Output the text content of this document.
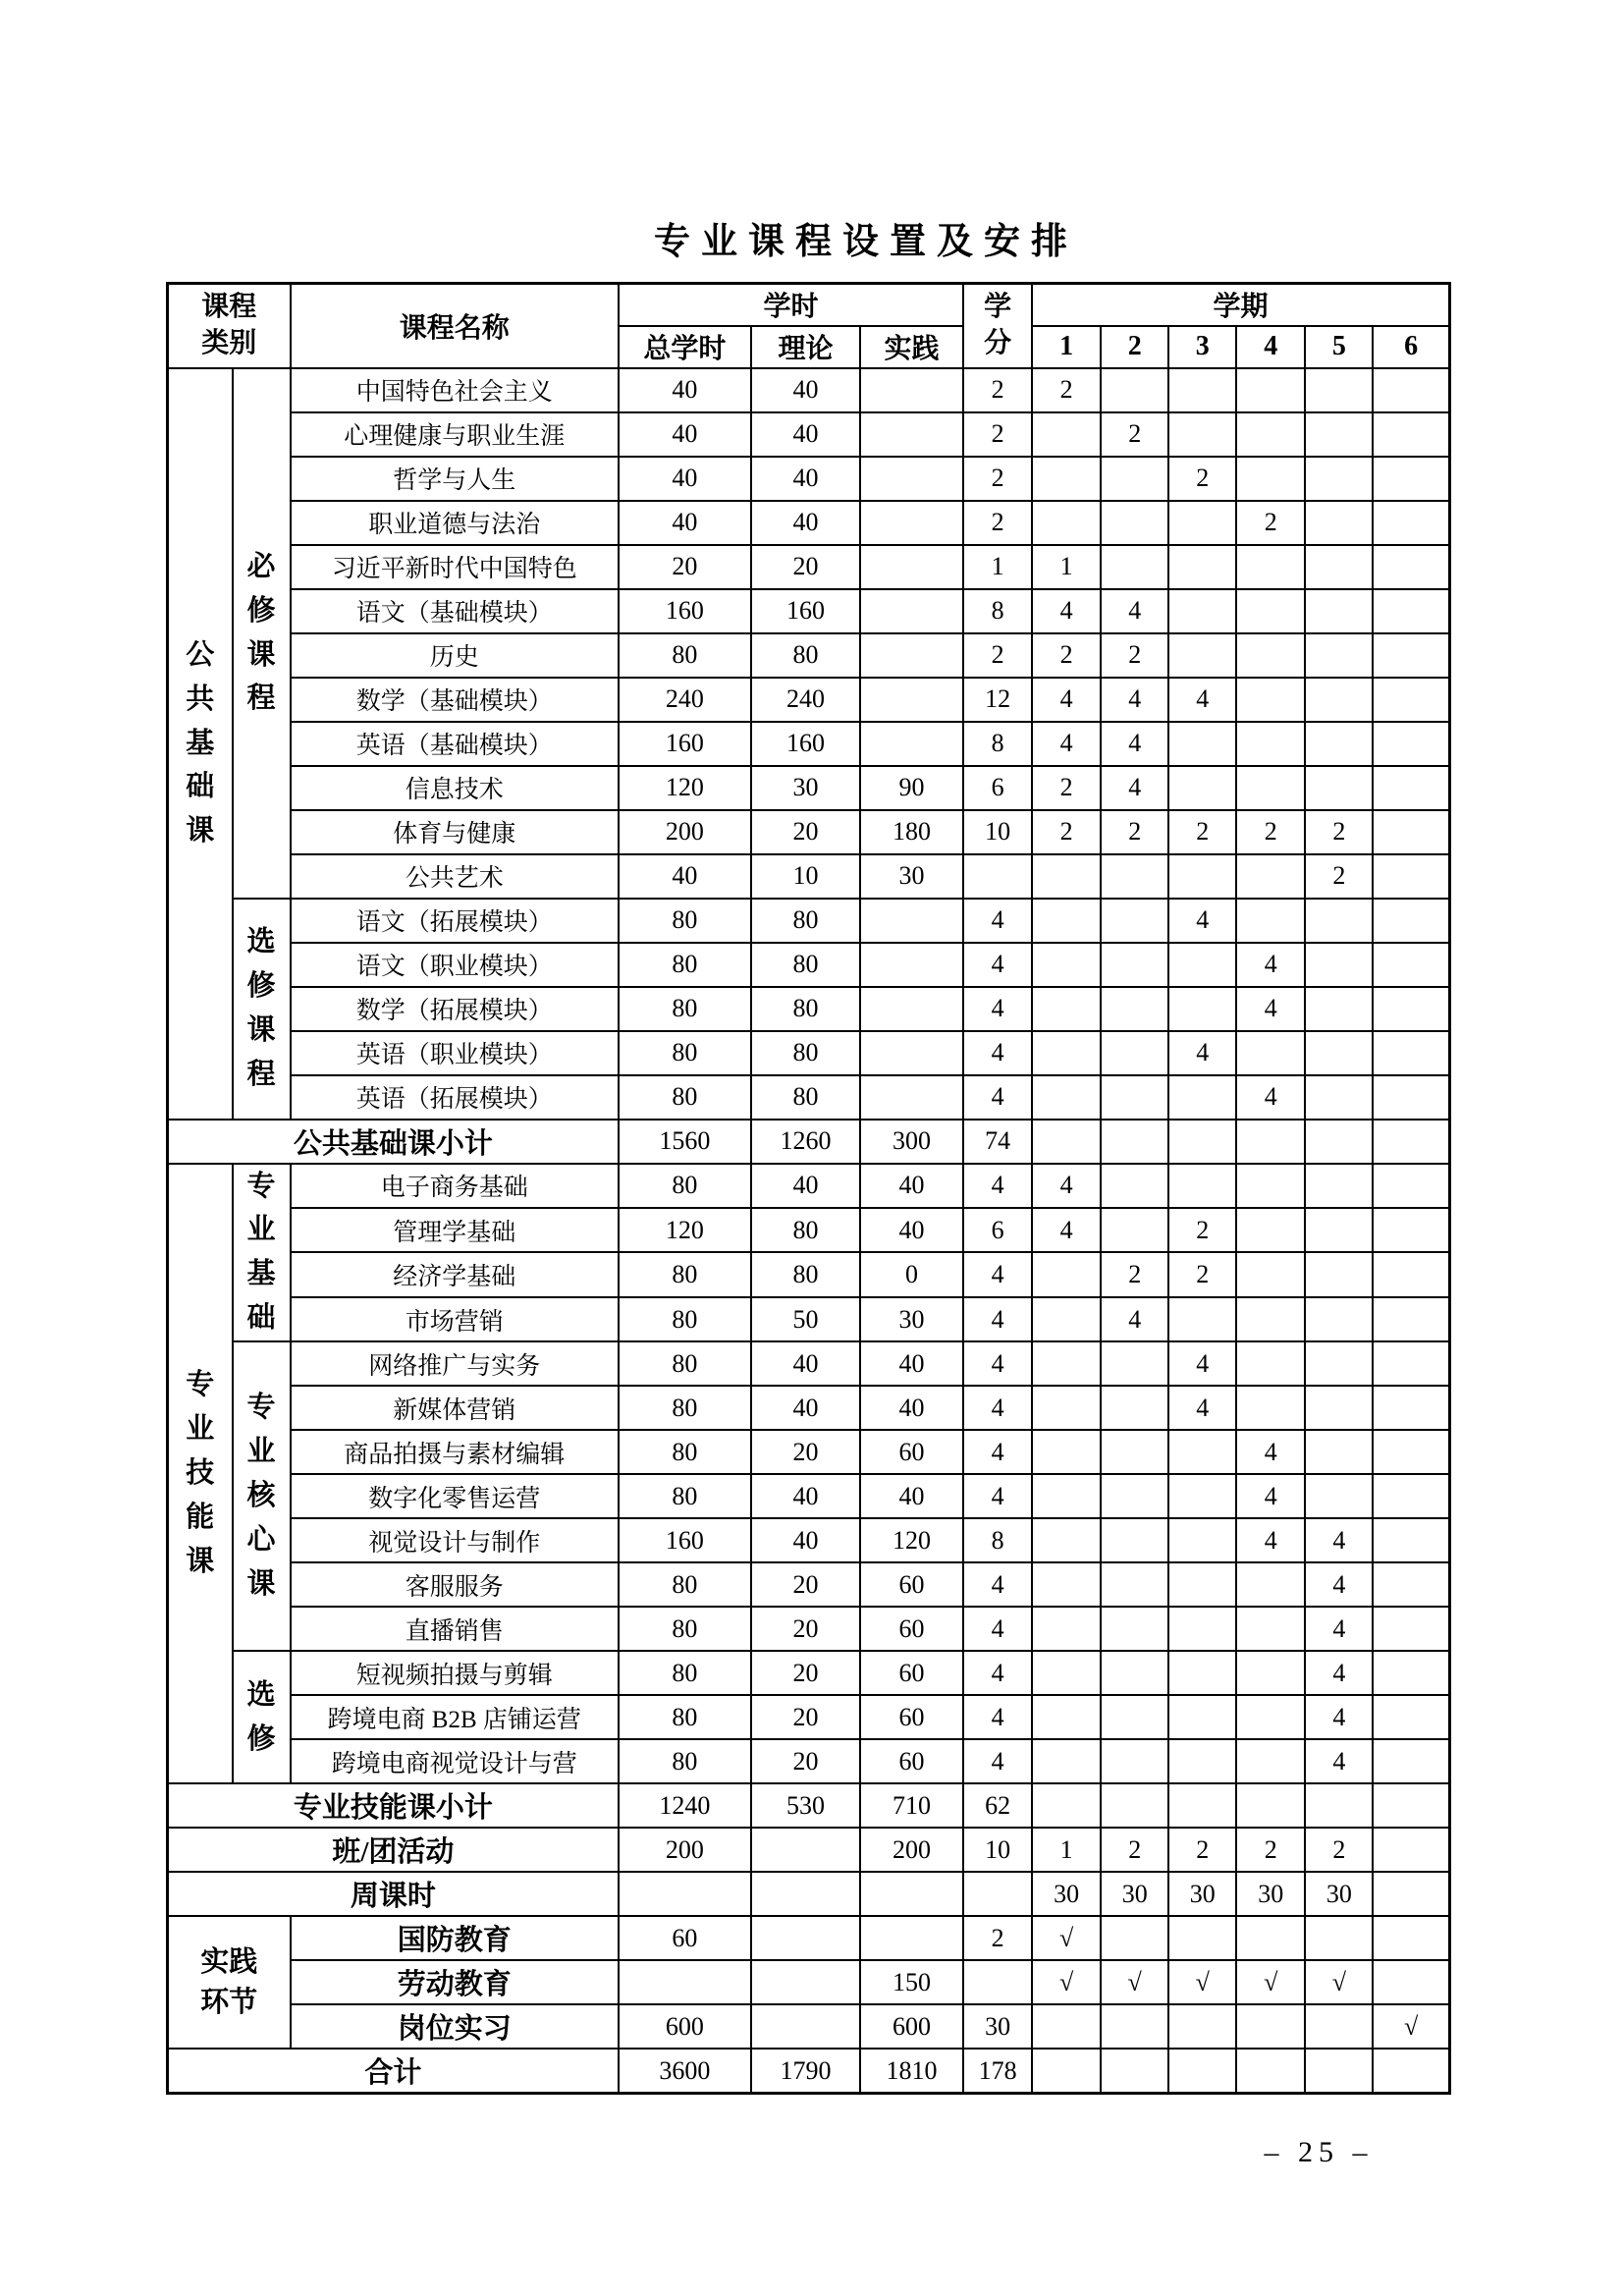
专业课程设置及安排
课程类别		课程名称	学时			学分	学期					
			总学时	理论	实践		1	2	3	4	5	6

公共基础课	必修课程	中国特色社会主义	40	40		2	2					
		心理健康与职业生涯	40	40		2		2				
		哲学与人生	40	40		2			2			
		职业道德与法治	40	40		2				2		
		习近平新时代中国特色	20	20		1	1					
		语文（基础模块）	160	160		8	4	4				
		历史	80	80		2	2	2				
		数学（基础模块）	240	240		12	4	4	4			
		英语（基础模块）	160	160		8	4	4				
		信息技术	120	30	90	6	2	4				
		体育与健康	200	20	180	10	2	2	2	2	2	
		公共艺术	40	10	30						2	

	选修课程	语文（拓展模块）	80	80		4			4			
		语文（职业模块）	80	80		4				4		
		数学（拓展模块）	80	80		4				4		
		英语（职业模块）	80	80		4			4			
		英语（拓展模块）	80	80		4				4		
公共基础课小计			1560	1260	300	74						

专业技能课	专业基础	电子商务基础	80	40	40	4	4					
		管理学基础	120	80	40	6	4		2			
		经济学基础	80	80	0	4		2	2			
		市场营销	80	50	30	4		4				

	专业核心课	网络推广与实务	80	40	40	4			4			
		新媒体营销	80	40	40	4			4			
		商品拍摄与素材编辑	80	20	60	4				4		
		数字化零售运营	80	40	40	4				4		
		视觉设计与制作	160	40	120	8				4	4	
		客服服务	80	20	60	4					4	
		直播销售	80	20	60	4					4	

	选修	短视频拍摄与剪辑	80	20	60	4					4	
		跨境电商 B2B 店铺运营	80	20	60	4					4	
		跨境电商视觉设计与营	80	20	60	4					4	
专业技能课小计			1240	530	710	62						
班/团活动			200		200	10	1	2	2	2	2	
周课时							30	30	30	30	30	

实践环节		国防教育	60			2	√					
		劳动教育			150		√	√	√	√	√	
		岗位实习	600		600	30						√
合计			3600	1790	1810	178						
– 25 –
